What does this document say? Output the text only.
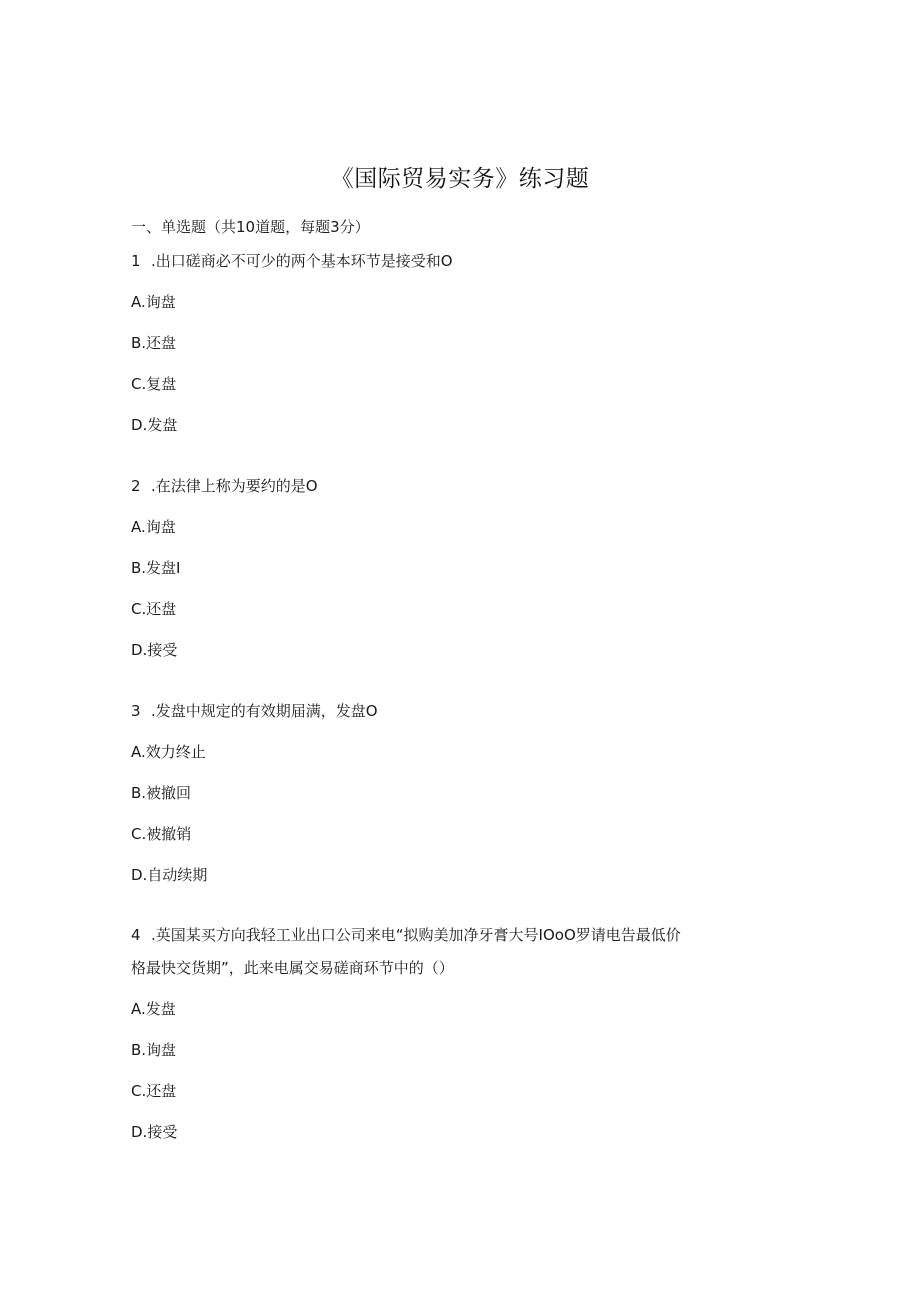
《国际贸易实务》练习题
一、单选题（共10道题，每题3分）
1 .出口磋商必不可少的两个基本环节是接受和O
A.询盘
B.还盘
C.复盘
D.发盘
2 .在法律上称为要约的是O
A.询盘
B.发盘I
C.还盘
D.接受
3 .发盘中规定的有效期届满，发盘O
A.效力终止
B.被撤回
C.被撤销
D.自动续期
4 .英国某买方向我轻工业出口公司来电“拟购美加净牙膏大号IOoO罗请电告最低价
格最快交货期”，此来电属交易磋商环节中的（）
A.发盘
B.询盘
C.还盘
D.接受
